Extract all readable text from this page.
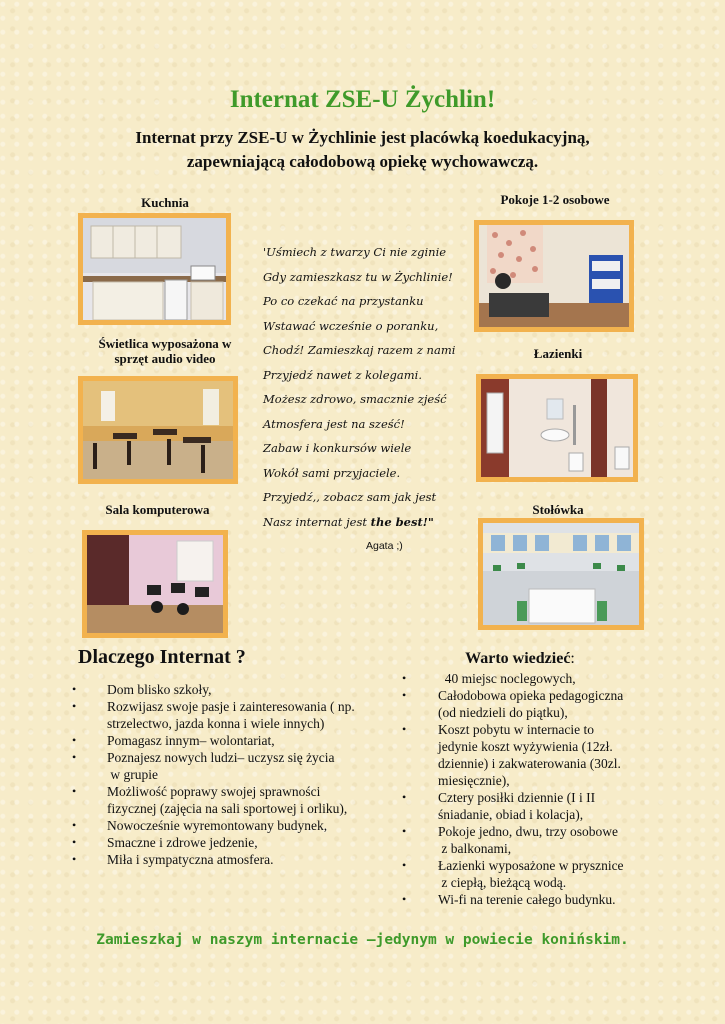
Internat ZSE-U Żychlin!
Internat przy ZSE-U w Żychlinie jest placówką koedukacyjną,
zapewniającą całodobową opiekę wychowawczą.
Kuchnia
Świetlica wyposażona w
sprzęt audio video
Sala komputerowa
Pokoje 1-2 osobowe
Łazienki
Stołówka
'Uśmiech z twarzy Ci nie zginie
Gdy zamieszkasz tu w Żychlinie!
Po co czekać na przystanku
Wstawać wcześnie o poranku,
Chodź! Zamieszkaj razem z nami
Przyjedź nawet z kolegami.
Możesz zdrowo, smacznie zjeść
Atmosfera jest na sześć!
Zabaw i konkursów wiele
Wokół sami przyjaciele.
Przyjedź,, zobacz sam jak jest
Nasz internat jest the best!"
Agata ;)
Dlaczego Internat ?
• Dom blisko szkoły,
• Rozwijasz swoje pasje i zainteresowania ( np.
strzelectwo, jazda konna i wiele innych)
• Pomagasz innym– wolontariat,
• Poznajesz nowych ludzi– uczysz się życia
w grupie
• Możliwość poprawy swojej sprawności
fizycznej (zajęcia na sali sportowej i orliku),
• Nowocześnie wyremontowany budynek,
• Smaczne i zdrowe jedzenie,
• Miła i sympatyczna atmosfera.
Warto wiedzieć:
• 40 miejsc noclegowych,
• Całodobowa opieka pedagogiczna
(od niedzieli do piątku),
• Koszt pobytu w internacie to
jedynie koszt wyżywienia (12zł.
dziennie) i zakwaterowania (30zl.
miesięcznie),
• Cztery posiłki dziennie (I i II
śniadanie, obiad i kolacja),
• Pokoje jedno, dwu, trzy osobowe
z balkonami,
• Łazienki wyposażone w prysznice
z ciepłą, bieżącą wodą.
• Wi-fi na terenie całego budynku.
Zamieszkaj w naszym internacie –jedynym w powiecie konińskim.
